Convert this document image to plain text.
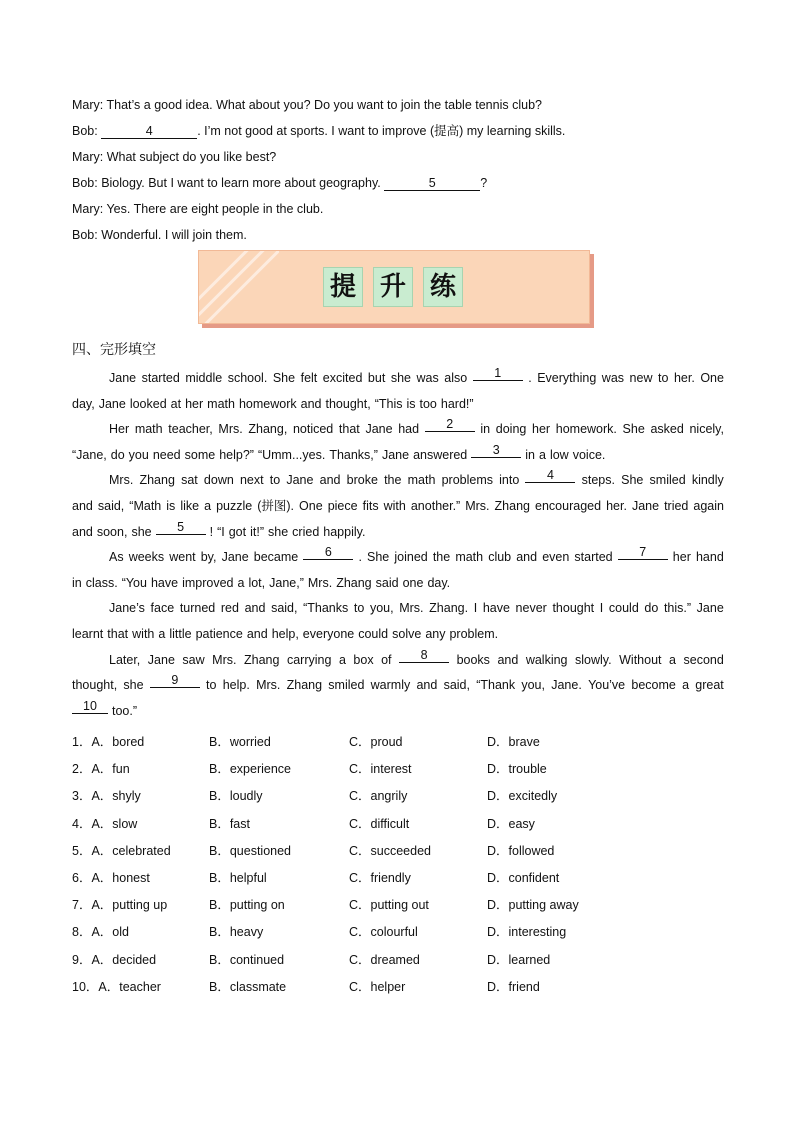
Mary: That’s a good idea. What about you? Do you want to join the table tennis club?
Bob:	4	. I’m not good at sports. I want to improve (提高) my learning skills.
Mary: What subject do you like best?
Bob: Biology. But I want to learn more about geography.	5	?
Mary: Yes. There are eight people in the club.
Bob: Wonderful. I will join them.
提 升 练
四、完形填空
Jane started middle school. She felt excited but she was also	1	. Everything was new to her. One
day, Jane looked at her math homework and thought, “This is too hard!”
Her math teacher, Mrs. Zhang, noticed that Jane had	2	in doing her homework. She asked nicely,
“Jane, do you need some help?” “Umm...yes. Thanks,” Jane answered	3	in a low voice.
Mrs. Zhang sat down next to Jane and broke the math problems into	4	steps. She smiled kindly
and said, “Math is like a puzzle (拼图). One piece fits with another.” Mrs. Zhang encouraged her. Jane tried again
and soon, she	5	! “I got it!” she cried happily.
As weeks went by, Jane became	6	. She joined the math club and even started	7	her hand
in class. “You have improved a lot, Jane,” Mrs. Zhang said one day.
Jane’s face turned red and said, “Thanks to you, Mrs. Zhang. I have never thought I could do this.” Jane
learnt that with a little patience and help, everyone could solve any problem.
Later, Jane saw Mrs. Zhang carrying a box of	8	books and walking slowly. Without a second
thought, she	9	to help. Mrs. Zhang smiled warmly and said, “Thank you, Jane. You’ve become a great
10	too.”
1．A．bored	B．worried	C．proud	D．brave
2．A．fun	B．experience	C．interest	D．trouble
3．A．shyly	B．loudly	C．angrily	D．excitedly
4．A．slow	B．fast	C．difficult	D．easy
5．A．celebrated	B．questioned	C．succeeded	D．followed
6．A．honest	B．helpful	C．friendly	D．confident
7．A．putting up	B．putting on	C．putting out	D．putting away
8．A．old	B．heavy	C．colourful	D．interesting
9．A．decided	B．continued	C．dreamed	D．learned
10．A．teacher	B．classmate	C．helper	D．friend
